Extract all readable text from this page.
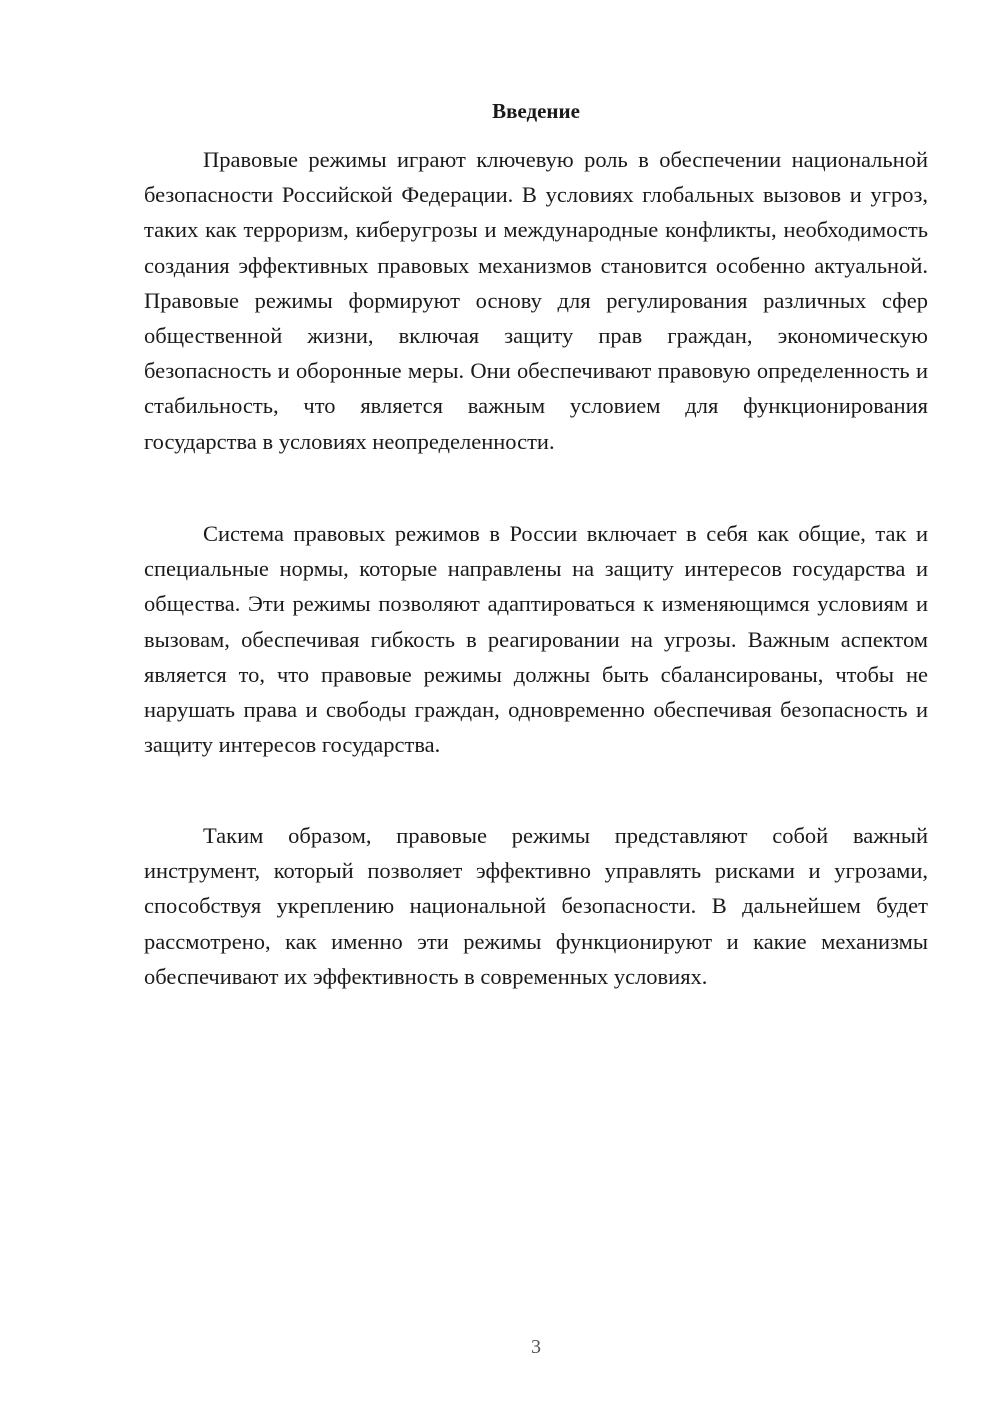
Введение

Правовые режимы играют ключевую роль в обеспечении национальной безопасности Российской Федерации. В условиях глобальных вызовов и угроз, таких как терроризм, киберугрозы и международные конфликты, необходимость создания эффективных правовых механизмов становится особенно актуальной. Правовые режимы формируют основу для регулирования различных сфер общественной жизни, включая защиту прав граждан, экономическую безопасность и оборонные меры. Они обеспечивают правовую определенность и стабильность, что является важным условием для функционирования государства в условиях неопределенности.

Система правовых режимов в России включает в себя как общие, так и специальные нормы, которые направлены на защиту интересов государства и общества. Эти режимы позволяют адаптироваться к изменяющимся условиям и вызовам, обеспечивая гибкость в реагировании на угрозы. Важным аспектом является то, что правовые режимы должны быть сбалансированы, чтобы не нарушать права и свободы граждан, одновременно обеспечивая безопасность и защиту интересов государства.

Таким образом, правовые режимы представляют собой важный инструмент, который позволяет эффективно управлять рисками и угрозами, способствуя укреплению национальной безопасности. В дальнейшем будет рассмотрено, как именно эти режимы функционируют и какие механизмы обеспечивают их эффективность в современных условиях.

3
